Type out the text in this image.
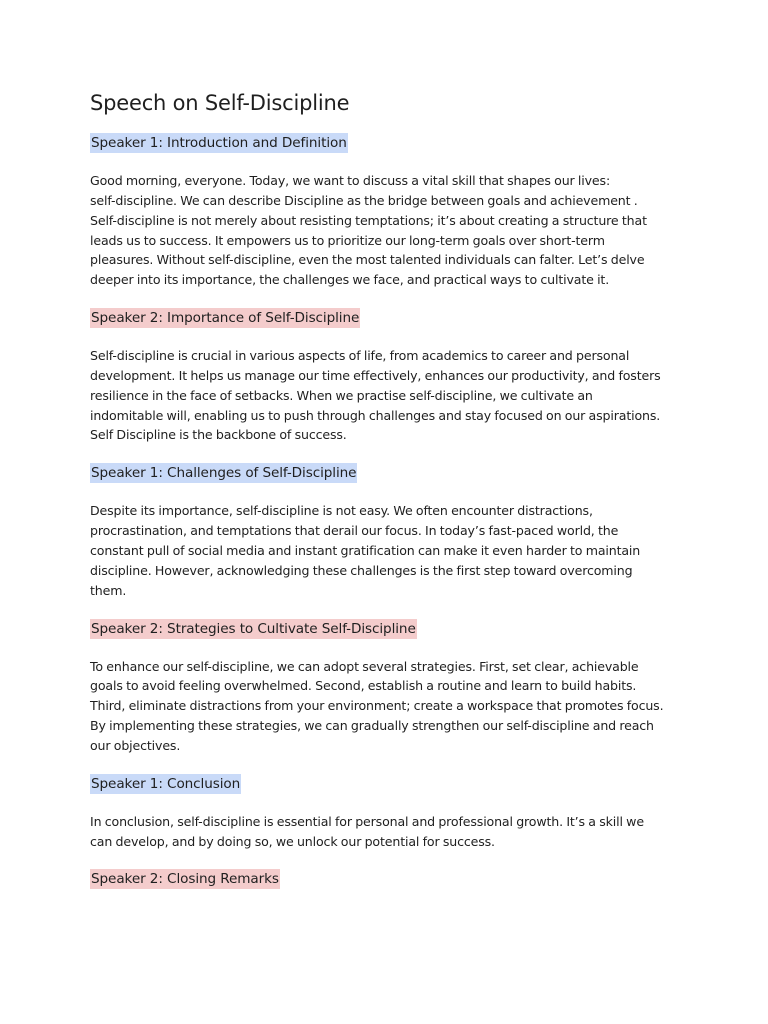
Speech on Self-Discipline
Speaker 1: Introduction and Definition

Good morning, everyone. Today, we want to discuss a vital skill that shapes our lives:
self-discipline. We can describe Discipline as the bridge between goals and achievement .
Self-discipline is not merely about resisting temptations; it’s about creating a structure that
leads us to success. It empowers us to prioritize our long-term goals over short-term
pleasures. Without self-discipline, even the most talented individuals can falter. Let’s delve
deeper into its importance, the challenges we face, and practical ways to cultivate it.

Speaker 2: Importance of Self-Discipline

Self-discipline is crucial in various aspects of life, from academics to career and personal
development. It helps us manage our time effectively, enhances our productivity, and fosters
resilience in the face of setbacks. When we practise self-discipline, we cultivate an
indomitable will, enabling us to push through challenges and stay focused on our aspirations.
Self Discipline is the backbone of success.

Speaker 1: Challenges of Self-Discipline

Despite its importance, self-discipline is not easy. We often encounter distractions,
procrastination, and temptations that derail our focus. In today’s fast-paced world, the
constant pull of social media and instant gratification can make it even harder to maintain
discipline. However, acknowledging these challenges is the first step toward overcoming
them.

Speaker 2: Strategies to Cultivate Self-Discipline

To enhance our self-discipline, we can adopt several strategies. First, set clear, achievable
goals to avoid feeling overwhelmed. Second, establish a routine and learn to build habits.
Third, eliminate distractions from your environment; create a workspace that promotes focus.
By implementing these strategies, we can gradually strengthen our self-discipline and reach
our objectives.

Speaker 1: Conclusion

In conclusion, self-discipline is essential for personal and professional growth. It’s a skill we
can develop, and by doing so, we unlock our potential for success.

Speaker 2: Closing Remarks
